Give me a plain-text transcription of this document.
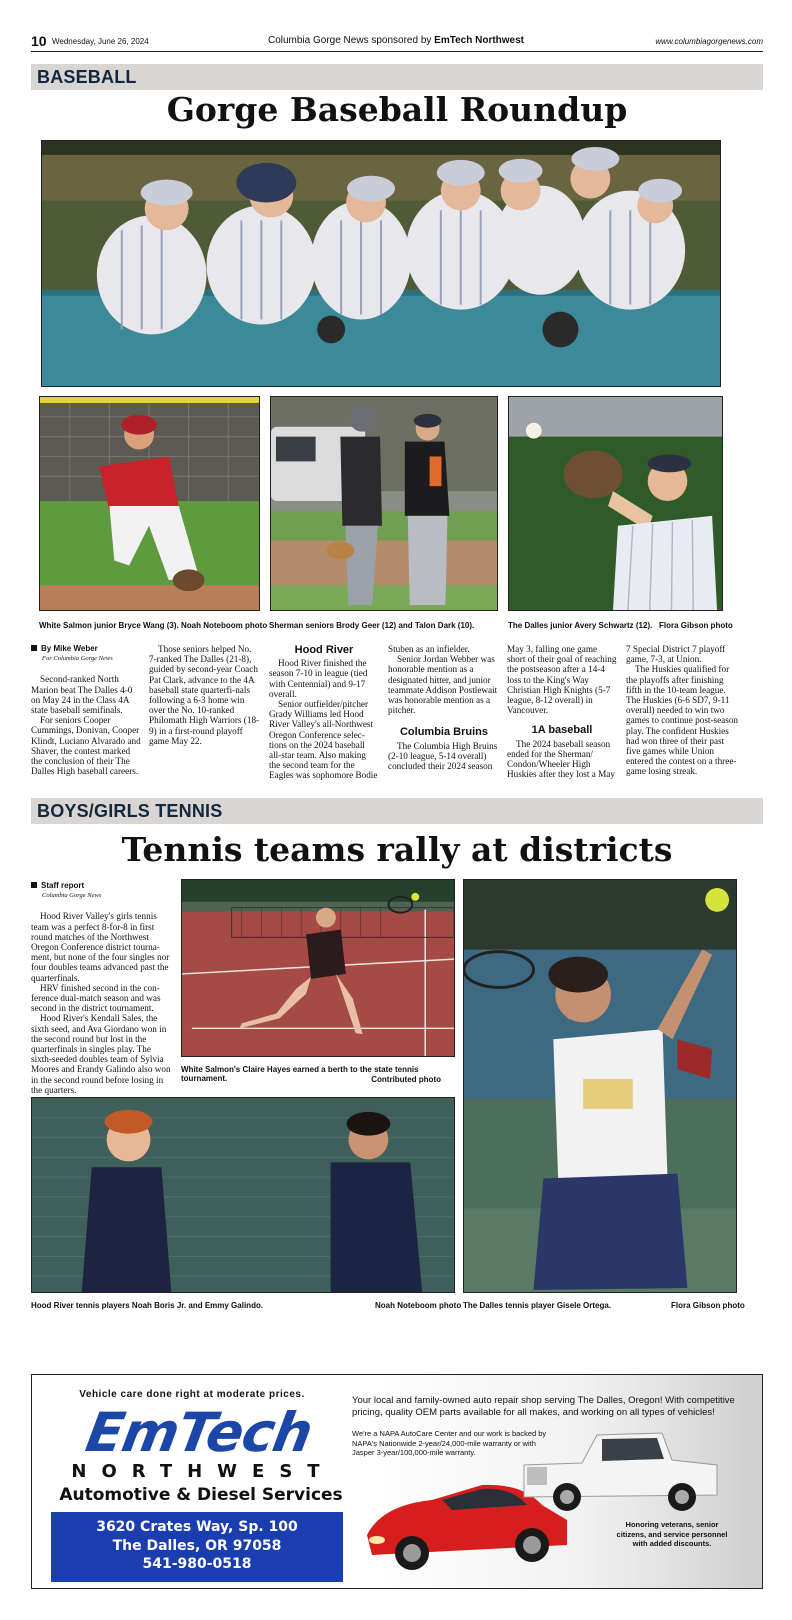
10 Wednesday, June 26, 2024	Columbia Gorge News sponsored by EmTech Northwest	www.columbiagorgenews.com
BASEBALL
Gorge Baseball Roundup
White Salmon junior Bryce Wang (3). Noah Noteboom photo Sherman seniors Brody Geer (12) and Talon Dark (10).	The Dalles junior Avery Schwartz (12). Flora Gibson photo
By Mike Weber
For Columbia Gorge News

Second-ranked North Marion beat The Dalles 4-0 on May 24 in the Class 4A state baseball semifinals.

For seniors Cooper Cummings, Donivan, Cooper Klindt, Luciano Alvarado and Shaver, the contest marked the conclusion of their The Dalles High baseball careers.

Those seniors helped No. 7-ranked The Dalles (21-8), guided by second-year Coach Pat Clark, advance to the 4A baseball state quarterfi-nals following a 6-3 home win over the No. 10-ranked Philomath High Warriors (18-9) in a first-round playoff game May 22.

Hood River

Hood River finished the season 7-10 in league (tied with Centennial) and 9-17 overall.

Senior outfielder/pitcher Grady Williams led Hood River Valley's all-Northwest Oregon Conference selec-tions on the 2024 baseball all-star team. Also making the second team for the Eagles was sophomore Bodie

Stuben as an infielder.

Senior Jordan Webber was honorable mention as a designated hitter, and junior teammate Addison Postlewait was honorable mention as a pitcher.

Columbia Bruins

The Columbia High Bruins (2-10 league, 5-14 overall) concluded their 2024 season

May 3, falling one game short of their goal of reaching the postseason after a 14-4 loss to the King's Way Christian High Knights (5-7 league, 8-12 overall) in Vancouver.

1A baseball

The 2024 baseball season ended for the Sherman/ Condon/Wheeler High Huskies after they lost a May

7 Special District 7 playoff game, 7-3, at Union.

The Huskies qualified for the playoffs after finishing fifth in the 10-team league. The Huskies (6-6 SD7, 9-11 overall) needed to win two games to continue post-season play. The confident Huskies had won three of their past five games while Union entered the contest on a three-game losing streak.

BOYS/GIRLS TENNIS
Tennis teams rally at districts
Staff report
Columbia Gorge News

Hood River Valley's girls tennis team was a perfect 8-for-8 in first round matches of the Northwest Oregon Conference district tourna-ment, but none of the four singles nor four doubles teams advanced past the quarterfinals.

HRV finished second in the con-ference dual-match season and was second in the district tournament.

Hood River's Kendall Sales, the sixth seed, and Ava Giordano won in the second round but lost in the quarterfinals in singles play. The sixth-seeded doubles team of Sylvia Moores and Erandy Galindo also won in the second round before losing in the quarters.

White Salmon's Claire Hayes earned a berth to the state tennis tournament.	Contributed photo
Hood River tennis players Noah Boris Jr. and Emmy Galindo.	Noah Noteboom photo The Dalles tennis player Gisele Ortega.	Flora Gibson photo
Vehicle care done right at moderate prices.
EmTech
NORTHWEST
Automotive & Diesel Services
3620 Crates Way, Sp. 100
The Dalles, OR 97058
541-980-0518
Your local and family-owned auto repair shop serving The Dalles, Oregon! With competitive pricing, quality OEM parts available for all makes, and working on all types of vehicles!
We're a NAPA AutoCare Center and our work is backed by NAPA's Nationwide 2-year/24,000-mile warranty or with Jasper 3-year/100,000-mile warranty.
Honoring veterans, senior citizens, and service personnel with added discounts.
